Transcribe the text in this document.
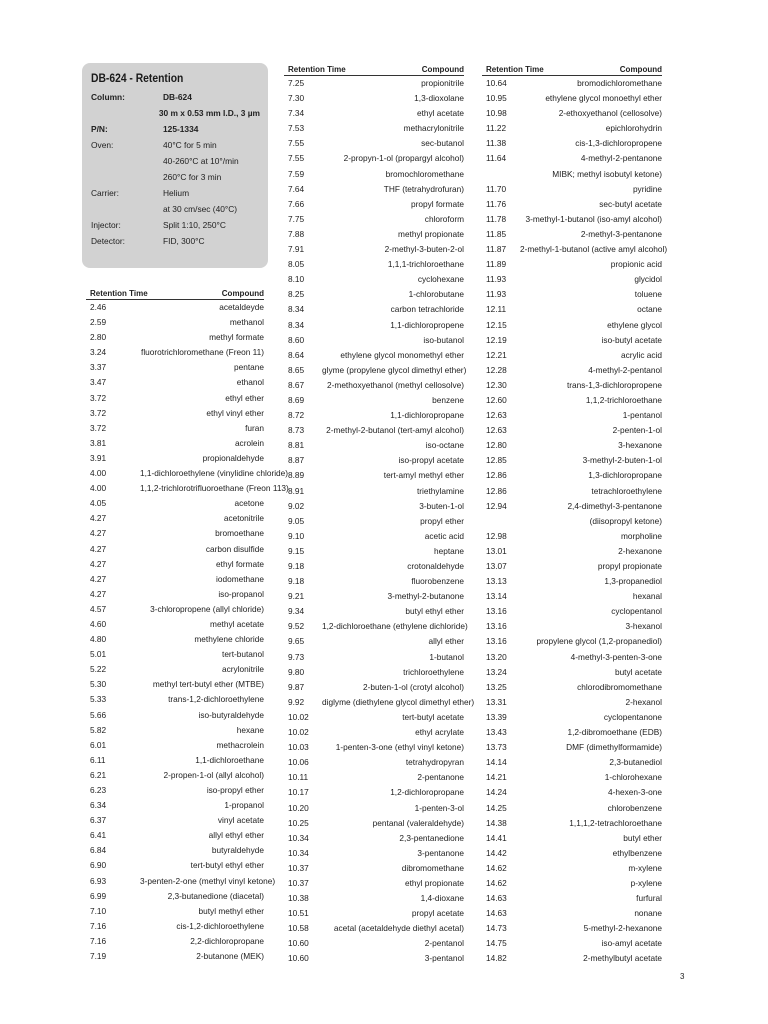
DB-624 - Retention
Column:	DB-624
30 m x 0.53 mm I.D., 3 µm
P/N:	125-1334
Oven:	40°C for 5 min
40-260°C at 10°/min
260°C for 3 min
Carrier:	Helium
at 30 cm/sec (40°C)
Injector:	Split 1:10, 250°C
Detector:	FID, 300°C
Retention Time	Compound
2.46	acetaldeyde
2.59	methanol
2.80	methyl formate
3.24	fluorotrichloromethane (Freon 11)
3.37	pentane
3.47	ethanol
3.72	ethyl ether
3.72	ethyl vinyl ether
3.72	furan
3.81	acrolein
3.91	propionaldehyde
4.00	1,1-dichloroethylene (vinylidine chloride)
4.00	1,1,2-trichlorotrifluoroethane (Freon 113)
4.05	acetone
4.27	acetonitrile
4.27	bromoethane
4.27	carbon disulfide
4.27	ethyl formate
4.27	iodomethane
4.27	iso-propanol
4.57	3-chloropropene (allyl chloride)
4.60	methyl acetate
4.80	methylene chloride
5.01	tert-butanol
5.22	acrylonitrile
5.30	methyl tert-butyl ether (MTBE)
5.33	trans-1,2-dichloroethylene
5.66	iso-butyraldehyde
5.82	hexane
6.01	methacrolein
6.11	1,1-dichloroethane
6.21	2-propen-1-ol (allyl alcohol)
6.23	iso-propyl ether
6.34	1-propanol
6.37	vinyl acetate
6.41	allyl ethyl ether
6.84	butyraldehyde
6.90	tert-butyl ethyl ether
6.93	3-penten-2-one (methyl vinyl ketone)
6.99	2,3-butanedione (diacetal)
7.10	butyl methyl ether
7.16	cis-1,2-dichloroethylene
7.16	2,2-dichloropropane
7.19	2-butanone (MEK)
Retention Time	Compound
7.25	propionitrile
7.30	1,3-dioxolane
7.34	ethyl acetate
7.53	methacrylonitrile
7.55	sec-butanol
7.55	2-propyn-1-ol (propargyl alcohol)
7.59	bromochloromethane
7.64	THF (tetrahydrofuran)
7.66	propyl formate
7.75	chloroform
7.88	methyl propionate
7.91	2-methyl-3-buten-2-ol
8.05	1,1,1-trichloroethane
8.10	cyclohexane
8.25	1-chlorobutane
8.34	carbon tetrachloride
8.34	1,1-dichloropropene
8.60	iso-butanol
8.64	ethylene glycol monomethyl ether
8.65	glyme (propylene glycol dimethyl ether)
8.67	2-methoxyethanol (methyl cellosolve)
8.69	benzene
8.72	1,1-dichloropropane
8.73	2-methyl-2-butanol (tert-amyl alcohol)
8.81	iso-octane
8.87	iso-propyl acetate
8.89	tert-amyl methyl ether
8.91	triethylamine
9.02	3-buten-1-ol
9.05	propyl ether
9.10	acetic acid
9.15	heptane
9.18	crotonaldehyde
9.18	fluorobenzene
9.21	3-methyl-2-butanone
9.34	butyl ethyl ether
9.52	1,2-dichloroethane (ethylene dichloride)
9.65	allyl ether
9.73	1-butanol
9.80	trichloroethylene
9.87	2-buten-1-ol (crotyl alcohol)
9.92	diglyme (diethylene glycol dimethyl ether)
10.02	tert-butyl acetate
10.02	ethyl acrylate
10.03	1-penten-3-one (ethyl vinyl ketone)
10.06	tetrahydropyran
10.11	2-pentanone
10.17	1,2-dichloropropane
10.20	1-penten-3-ol
10.25	pentanal (valeraldehyde)
10.34	2,3-pentanedione
10.34	3-pentanone
10.37	dibromomethane
10.37	ethyl propionate
10.38	1,4-dioxane
10.51	propyl acetate
10.58	acetal (acetaldehyde diethyl acetal)
10.60	2-pentanol
10.60	3-pentanol
Retention Time	Compound
10.64	bromodichloromethane
10.95	ethylene glycol monoethyl ether
10.98	2-ethoxyethanol (cellosolve)
11.22	epichlorohydrin
11.38	cis-1,3-dichloropropene
11.64	4-methyl-2-pentanone
MIBK; methyl isobutyl ketone)
11.70	pyridine
11.76	sec-butyl acetate
11.78	3-methyl-1-butanol (iso-amyl alcohol)
11.85	2-methyl-3-pentanone
11.87	2-methyl-1-butanol (active amyl alcohol)
11.89	propionic acid
11.93	glycidol
11.93	toluene
12.11	octane
12.15	ethylene glycol
12.19	iso-butyl acetate
12.21	acrylic acid
12.28	4-methyl-2-pentanol
12.30	trans-1,3-dichloropropene
12.60	1,1,2-trichloroethane
12.63	1-pentanol
12.63	2-penten-1-ol
12.80	3-hexanone
12.85	3-methyl-2-buten-1-ol
12.86	1,3-dichloropropane
12.86	tetrachloroethylene
12.94	2,4-dimethyl-3-pentanone
(diisopropyl ketone)
12.98	morpholine
13.01	2-hexanone
13.07	propyl propionate
13.13	1,3-propanediol
13.14	hexanal
13.16	cyclopentanol
13.16	3-hexanol
13.16	propylene glycol (1,2-propanediol)
13.20	4-methyl-3-penten-3-one
13.24	butyl acetate
13.25	chlorodibromomethane
13.31	2-hexanol
13.39	cyclopentanone
13.43	1,2-dibromoethane (EDB)
13.73	DMF (dimethylformamide)
14.14	2,3-butanediol
14.21	1-chlorohexane
14.24	4-hexen-3-one
14.25	chlorobenzene
14.38	1,1,1,2-tetrachloroethane
14.41	butyl ether
14.42	ethylbenzene
14.62	m-xylene
14.62	p-xylene
14.63	furfural
14.63	nonane
14.73	5-methyl-2-hexanone
14.75	iso-amyl acetate
14.82	2-methylbutyl acetate
3
